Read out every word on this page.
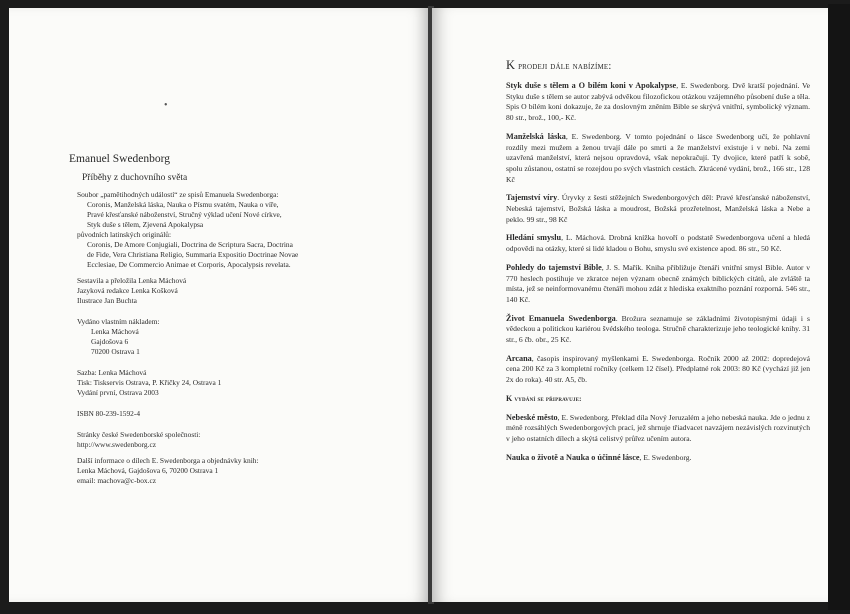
•
Emanuel Swedenborg
Příběhy z duchovního světa
Soubor „pamětihodných událostí“ ze spisů Emanuela Swedenborga:
Coronis, Manželská láska, Nauka o Písmu svatém, Nauka o víře,
Pravé křesťanské náboženství, Stručný výklad učení Nové církve,
Styk duše s tělem, Zjevená Apokalypsa
původních latinských originálů:
Coronis, De Amore Conjugiali, Doctrina de Scriptura Sacra, Doctrina
de Fide, Vera Christiana Religio, Summaria Expositio Doctrinae Novae
Ecclesiae, De Commercio Animae et Corporis, Apocalypsis revelata.
Sestavila a přeložila Lenka Máchová
Jazyková redakce Lenka Košková
Ilustrace Jan Buchta
Vydáno vlastním nákladem:
Lenka Máchová
Gajdošova 6
70200 Ostrava 1
Sazba: Lenka Máchová
Tisk: Tiskservis Ostrava, P. Křičky 24, Ostrava 1
Vydání první, Ostrava 2003
ISBN 80-239-1592-4
Stránky české Swedenborské společnosti:
http://www.swedenborg.cz
Další informace o dílech E. Swedenborga a objednávky knih:
Lenka Máchová, Gajdošova 6, 70200 Ostrava 1
email: machova@c-box.cz
K prodeji dále nabízíme:
Styk duše s tělem a O bílém koni v Apokalypse, E. Swedenborg. Dvě kratší pojednání. Ve Styku duše s tělem se autor zabývá odvěkou filozofickou otázkou vzájemného působení duše a těla. Spis O bílém koni dokazuje, že za doslovným zněním Bible se skrývá vnitřní, symbolický význam. 80 str., brož., 100,- Kč.
Manželská láska, E. Swedenborg. V tomto pojednání o lásce Swedenborg učí, že pohlavní rozdíly mezi mužem a ženou trvají dále po smrti a že manželství existuje i v nebi. Na zemi uzavřená manželství, která nejsou opravdová, však nepokračují. Ty dvojice, které patří k sobě, spolu zůstanou, ostatní se rozejdou po svých vlastních cestách. Zkrácené vydání, brož., 166 str., 128 Kč
Tajemství víry. Úryvky z šesti stěžejních Swedenborgových děl: Pravé křesťanské náboženství, Nebeská tajemství, Božská láska a moudrost, Božská prozřetelnost, Manželská láska a Nebe a peklo. 99 str., 98 Kč
Hledání smyslu, L. Máchová. Drobná knížka hovoří o podstatě Swedenborgova učení a hledá odpovědi na otázky, které si lidé kladou o Bohu, smyslu své existence apod. 86 str., 50 Kč.
Pohledy do tajemství Bible, J. S. Mařík. Kniha přibližuje čtenáři vnitřní smysl Bible. Autor v 770 heslech postihuje ve zkratce nejen význam obecně známých biblických citátů, ale zvláště ta místa, jež se neinformovanému čtenáři mohou zdát z hlediska exaktního poznání rozporná. 546 str., 140 Kč.
Život Emanuela Swedenborga. Brožura seznamuje se základními životopisnými údaji i s vědeckou a politickou kariérou švédského teologa. Stručně charakterizuje jeho teologické knihy. 31 str., 6 čb. obr., 25 Kč.
Arcana, časopis inspirovaný myšlenkami E. Swedenborga. Ročník 2000 až 2002: dopredejová cena 200 Kč za 3 kompletní ročníky (celkem 12 čísel). Předplatné rok 2003: 80 Kč (vychází již jen 2x do roka). 40 str. A5, čb.
K vydání se připravuje:
Nebeské město, E. Swedenborg. Překlad díla Nový Jeruzalém a jeho nebeská nauka. Jde o jednu z méně rozsáhlých Swedenborgových prací, jež shrnuje třiadvacet navzájem nezávislých rozvinutých v jeho ostatních dílech a skýtá celistvý průřez učením autora.
Nauka o životě a Nauka o účinné lásce, E. Swedenborg.
